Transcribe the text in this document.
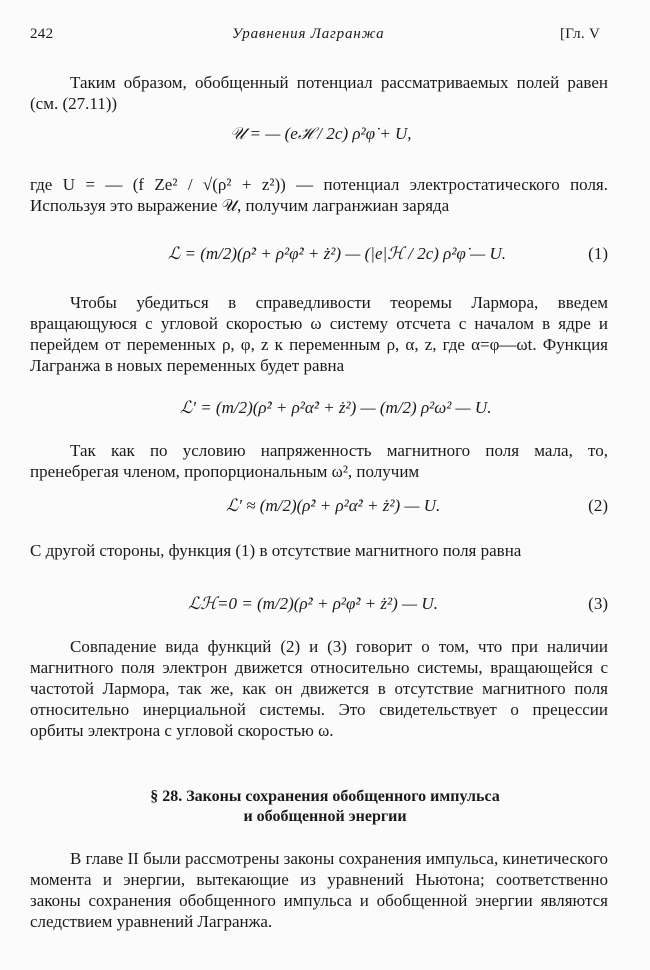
242	Уравнения Лагранжа	[Гл. V
Таким образом, обобщенный потенциал рассматриваемых полей равен (см. (27.11))
𝒰 = — (eℋ / 2c) ρ²φ̇ + U,
где U = — (f Ze² / √(ρ² + z²)) — потенциал электростатического поля. Используя это выражение 𝒰, получим лагранжиан заряда
ℒ = (m/2)(ρ̇² + ρ²φ̇² + ż²) — (|e|ℋ / 2c) ρ²φ̇ — U.	(1)
Чтобы убедиться в справедливости теоремы Лармора, введем вращающуюся с угловой скоростью ω систему отсчета с началом в ядре и перейдем от переменных ρ, φ, z к переменным ρ, α, z, где α=φ—ωt. Функция Лагранжа в новых переменных будет равна
ℒ′ = (m/2)(ρ̇² + ρ²α̇² + ż²) — (m/2) ρ²ω² — U.
Так как по условию напряженность магнитного поля мала, то, пренебрегая членом, пропорциональным ω², получим
ℒ′ ≈ (m/2)(ρ̇² + ρ²α̇² + ż²) — U.	(2)
С другой стороны, функция (1) в отсутствие магнитного поля равна
ℒℋ=0 = (m/2)(ρ̇² + ρ²φ̇² + ż²) — U.	(3)
Совпадение вида функций (2) и (3) говорит о том, что при наличии магнитного поля электрон движется относительно системы, вращающейся с частотой Лармора, так же, как он движется в отсутствие магнитного поля относительно инерциальной системы. Это свидетельствует о прецессии орбиты электрона с угловой скоростью ω.
§ 28. Законы сохранения обобщенного импульса
и обобщенной энергии
В главе II были рассмотрены законы сохранения импульса, кинетического момента и энергии, вытекающие из уравнений Ньютона; соответственно законы сохранения обобщенного импульса и обобщенной энергии являются следствием уравнений Лагранжа.
